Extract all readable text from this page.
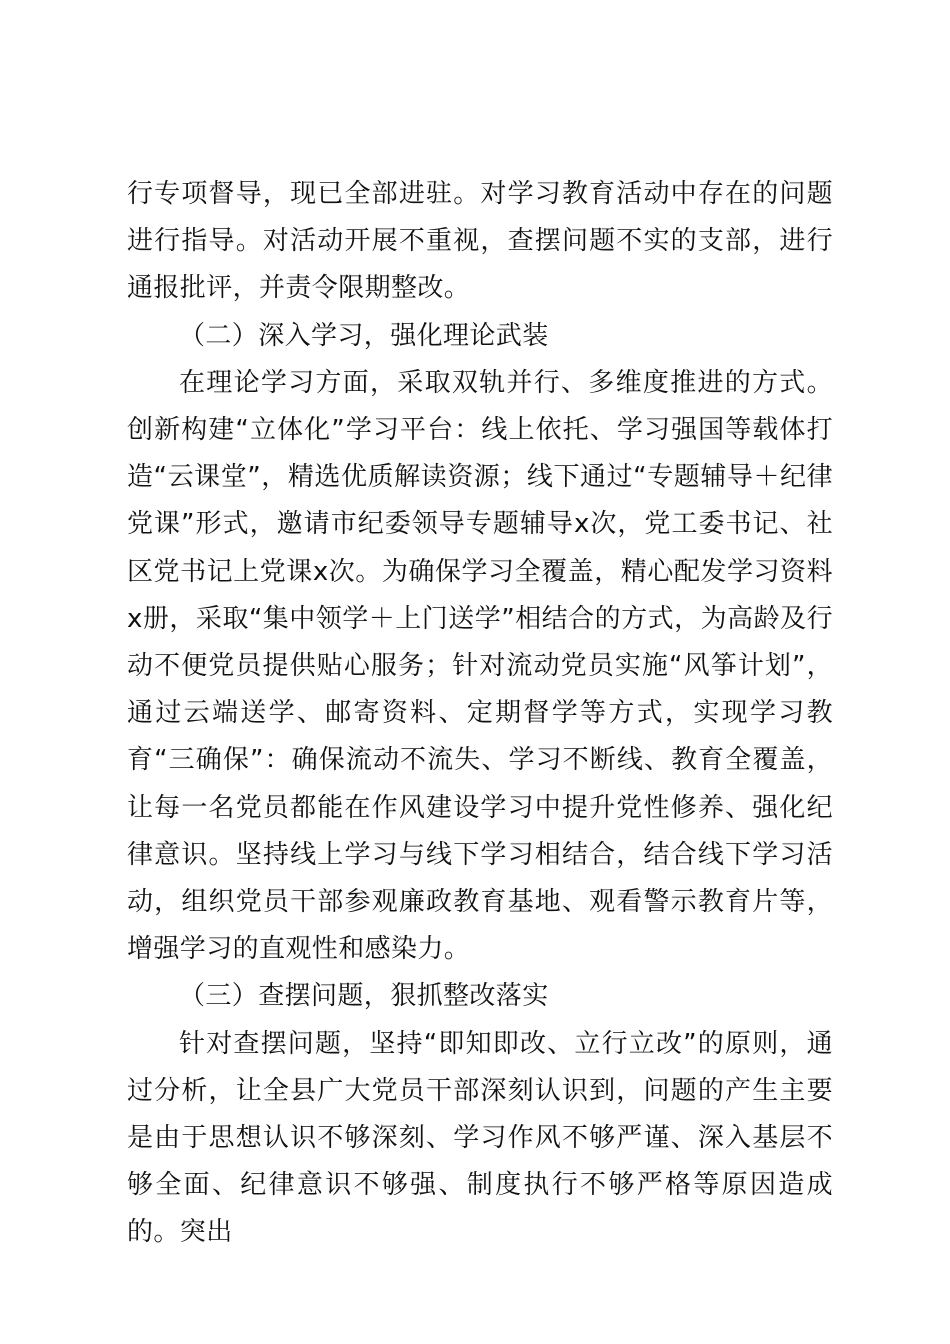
行专项督导，现已全部进驻。对学习教育活动中存在的问题进行指导。对活动开展不重视，查摆问题不实的支部，进行通报批评，并责令限期整改。

（二）深入学习，强化理论武装

在理论学习方面，采取双轨并行、多维度推进的方式。创新构建“立体化”学习平台：线上依托、学习强国等载体打造“云课堂”，精选优质解读资源；线下通过“专题辅导＋纪律党课”形式，邀请市纪委领导专题辅导x次，党工委书记、社区党书记上党课x次。为确保学习全覆盖，精心配发学习资料x册，采取“集中领学＋上门送学”相结合的方式，为高龄及行动不便党员提供贴心服务；针对流动党员实施“风筝计划”，通过云端送学、邮寄资料、定期督学等方式，实现学习教育“三确保”：确保流动不流失、学习不断线、教育全覆盖，让每一名党员都能在作风建设学习中提升党性修养、强化纪律意识。坚持线上学习与线下学习相结合，结合线下学习活动，组织党员干部参观廉政教育基地、观看警示教育片等，增强学习的直观性和感染力。

（三）查摆问题，狠抓整改落实

针对查摆问题，坚持“即知即改、立行立改”的原则，通过分析，让全县广大党员干部深刻认识到，问题的产生主要是由于思想认识不够深刻、学习作风不够严谨、深入基层不够全面、纪律意识不够强、制度执行不够严格等原因造成的。突出
